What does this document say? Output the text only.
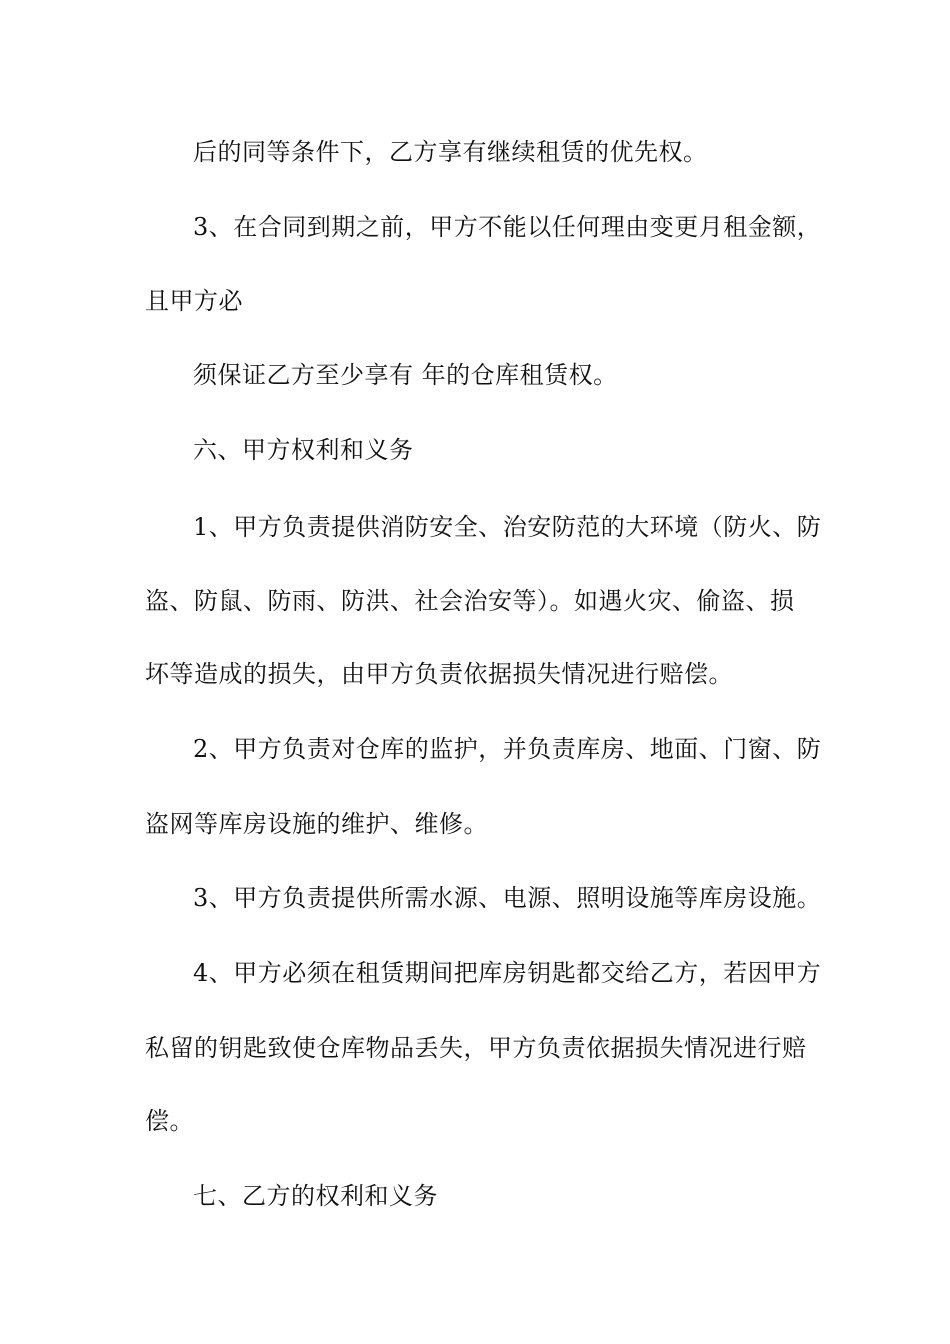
后的同等条件下，乙方享有继续租赁的优先权。
3、在合同到期之前，甲方不能以任何理由变更月租金额，
且甲方必
须保证乙方至少享有 年的仓库租赁权。
六、甲方权利和义务
1、甲方负责提供消防安全、治安防范的大环境（防火、防
盗、防鼠、防雨、防洪、社会治安等）。如遇火灾、偷盗、损
坏等造成的损失，由甲方负责依据损失情况进行赔偿。
2、甲方负责对仓库的监护，并负责库房、地面、门窗、防
盗网等库房设施的维护、维修。
3、甲方负责提供所需水源、电源、照明设施等库房设施。
4、甲方必须在租赁期间把库房钥匙都交给乙方，若因甲方
私留的钥匙致使仓库物品丢失，甲方负责依据损失情况进行赔
偿。
七、乙方的权利和义务
